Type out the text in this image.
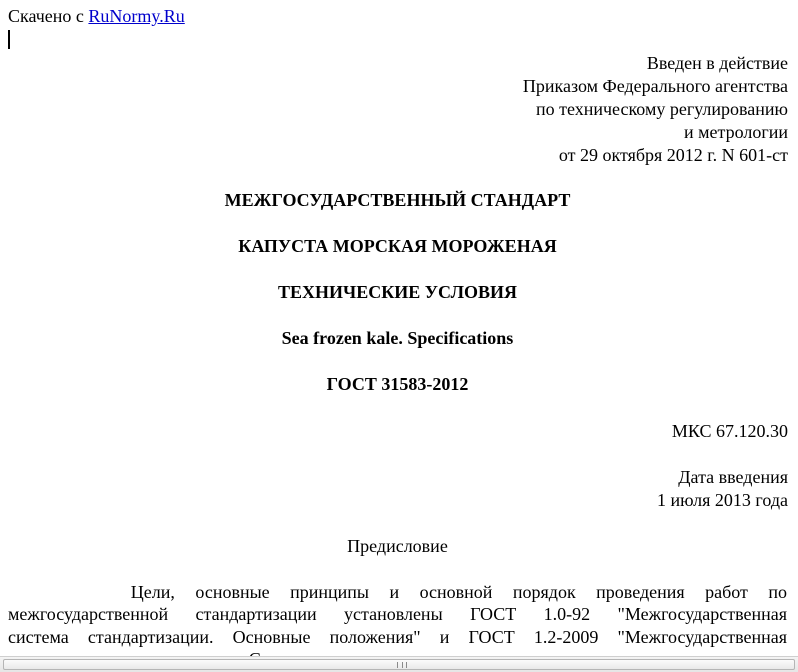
Скачено с RuNormy.Ru
Введен в действие
Приказом Федерального агентства
по техническому регулированию
и метрологии
от 29 октября 2012 г. N 601-ст
МЕЖГОСУДАРСТВЕННЫЙ СТАНДАРТ
КАПУСТА МОРСКАЯ МОРОЖЕНАЯ
ТЕХНИЧЕСКИЕ УСЛОВИЯ
Sea frozen kale. Specifications
ГОСТ 31583-2012
МКС 67.120.30
Дата введения
1 июля 2013 года
Предисловие
Цели, основные принципы и основной порядок проведения работ по
межгосударственной стандартизации установлены ГОСТ 1.0-92 "Межгосударственная
система стандартизации. Основные положения" и ГОСТ 1.2-2009 "Межгосударственная
